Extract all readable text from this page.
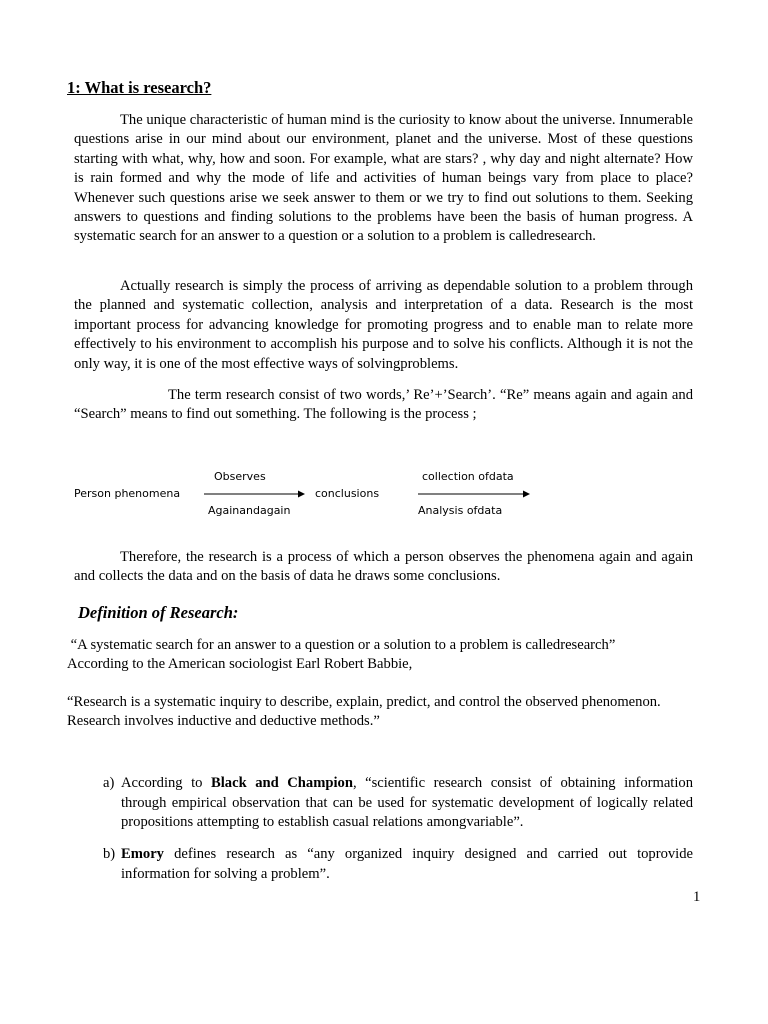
1: What is research?
The unique characteristic of human mind is the curiosity to know about the universe. Innumerable questions arise in our mind about our environment, planet and the universe. Most of these questions starting with what, why, how and soon. For example, what are stars? , why day and night alternate? How is rain formed and why the mode of life and activities of human beings vary from place to place? Whenever such questions arise we seek answer to them or we try to find out solutions to them. Seeking answers to questions and finding solutions to the problems have been the basis of human progress. A systematic search for an answer to a question or a solution to a problem is calledresearch.
Actually research is simply the process of arriving as dependable solution to a problem through the planned and systematic collection, analysis and interpretation of a data. Research is the most important process for advancing knowledge for promoting progress and to enable man to relate more effectively to his environment to accomplish his purpose and to solve his conflicts. Although it is not the only way, it is one of the most effective ways of solvingproblems.
The term research consist of two words,’ Re’+’Search’. “Re” means again and again and “Search” means to find out something. The following is the process ;
Person phenomena
Observes
Againandagain
conclusions
collection ofdata
Analysis ofdata
Therefore, the research is a process of which a person observes the phenomena again and again and collects the data and on the basis of data he draws some conclusions.
Definition of Research:
“A systematic search for an answer to a question or a solution to a problem is calledresearch”
According to the American sociologist Earl Robert Babbie,
“Research is a systematic inquiry to describe, explain, predict, and control the observed phenomenon.
Research involves inductive and deductive methods.”
a) According to Black and Champion, “scientific research consist of obtaining information through empirical observation that can be used for systematic development of logically related propositions attempting to establish casual relations amongvariable”.
b) Emory defines research as “any organized inquiry designed and carried out toprovide information for solving a problem”.
1
